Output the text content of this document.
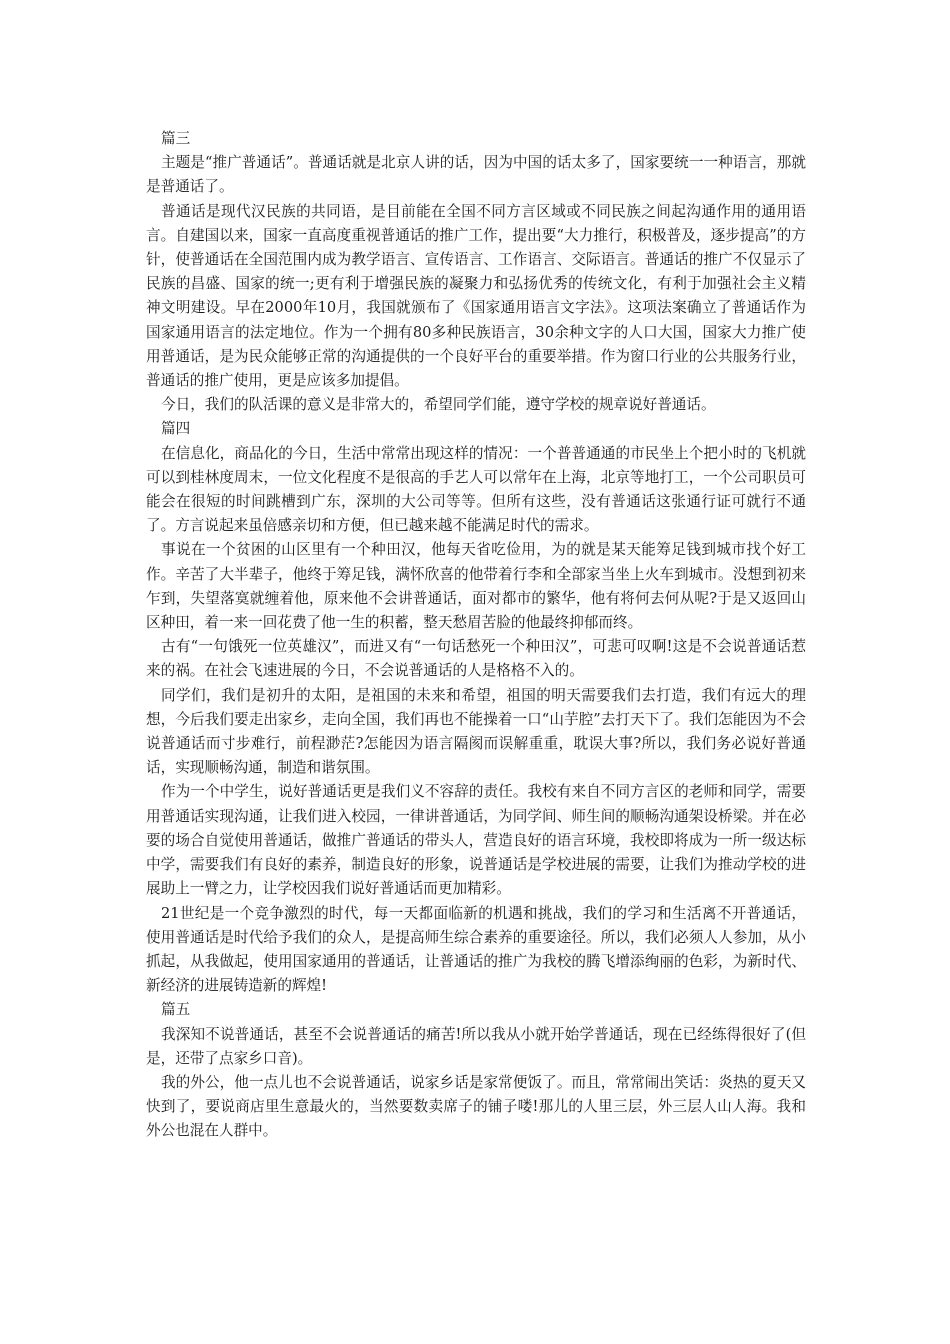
篇三

主题是“推广普通话”。普通话就是北京人讲的话，因为中国的话太多了，国家要统一一种语言，那就是普通话了。

普通话是现代汉民族的共同语，是目前能在全国不同方言区域或不同民族之间起沟通作用的通用语言。自建国以来，国家一直高度重视普通话的推广工作，提出要“大力推行，积极普及，逐步提高”的方针，使普通话在全国范围内成为教学语言、宣传语言、工作语言、交际语言。普通话的推广不仅显示了民族的昌盛、国家的统一;更有利于增强民族的凝聚力和弘扬优秀的传统文化，有利于加强社会主义精神文明建设。早在2000年10月，我国就颁布了《国家通用语言文字法》。这项法案确立了普通话作为国家通用语言的法定地位。作为一个拥有80多种民族语言，30余种文字的人口大国，国家大力推广使用普通话，是为民众能够正常的沟通提供的一个良好平台的重要举措。作为窗口行业的公共服务行业，普通话的推广使用，更是应该多加提倡。

今日，我们的队活课的意义是非常大的，希望同学们能，遵守学校的规章说好普通话。

篇四

在信息化，商品化的今日，生活中常常出现这样的情况：一个普普通通的市民坐上个把小时的飞机就可以到桂林度周末，一位文化程度不是很高的手艺人可以常年在上海，北京等地打工，一个公司职员可能会在很短的时间跳槽到广东，深圳的大公司等等。但所有这些，没有普通话这张通行证可就行不通了。方言说起来虽倍感亲切和方便，但已越来越不能满足时代的需求。

事说在一个贫困的山区里有一个种田汉，他每天省吃俭用，为的就是某天能筹足钱到城市找个好工作。辛苦了大半辈子，他终于筹足钱，满怀欣喜的他带着行李和全部家当坐上火车到城市。没想到初来乍到，失望落寞就缠着他，原来他不会讲普通话，面对都市的繁华，他有将何去何从呢?于是又返回山区种田，着一来一回花费了他一生的积蓄，整天愁眉苦脸的他最终抑郁而终。

古有“一句饿死一位英雄汉”，而进又有“一句话愁死一个种田汉”，可悲可叹啊!这是不会说普通话惹来的祸。在社会飞速进展的今日，不会说普通话的人是格格不入的。

同学们，我们是初升的太阳，是祖国的未来和希望，祖国的明天需要我们去打造，我们有远大的理想，今后我们要走出家乡，走向全国，我们再也不能操着一口“山芋腔”去打天下了。我们怎能因为不会说普通话而寸步难行，前程渺茫?怎能因为语言隔阂而误解重重，耽误大事?所以，我们务必说好普通话，实现顺畅沟通，制造和谐氛围。

作为一个中学生，说好普通话更是我们义不容辞的责任。我校有来自不同方言区的老师和同学，需要用普通话实现沟通，让我们进入校园，一律讲普通话，为同学间、师生间的顺畅沟通架设桥梁。并在必要的场合自觉使用普通话，做推广普通话的带头人，营造良好的语言环境，我校即将成为一所一级达标中学，需要我们有良好的素养，制造良好的形象，说普通话是学校进展的需要，让我们为推动学校的进展助上一臂之力，让学校因我们说好普通话而更加精彩。

21世纪是一个竞争激烈的时代，每一天都面临新的机遇和挑战，我们的学习和生活离不开普通话，使用普通话是时代给予我们的众人，是提高师生综合素养的重要途径。所以，我们必须人人参加，从小抓起，从我做起，使用国家通用的普通话，让普通话的推广为我校的腾飞增添绚丽的色彩，为新时代、新经济的进展铸造新的辉煌!

篇五

我深知不说普通话，甚至不会说普通话的痛苦!所以我从小就开始学普通话，现在已经练得很好了(但是，还带了点家乡口音)。

我的外公，他一点儿也不会说普通话，说家乡话是家常便饭了。而且，常常闹出笑话：炎热的夏天又快到了，要说商店里生意最火的，当然要数卖席子的铺子喽!那儿的人里三层，外三层人山人海。我和外公也混在人群中。
